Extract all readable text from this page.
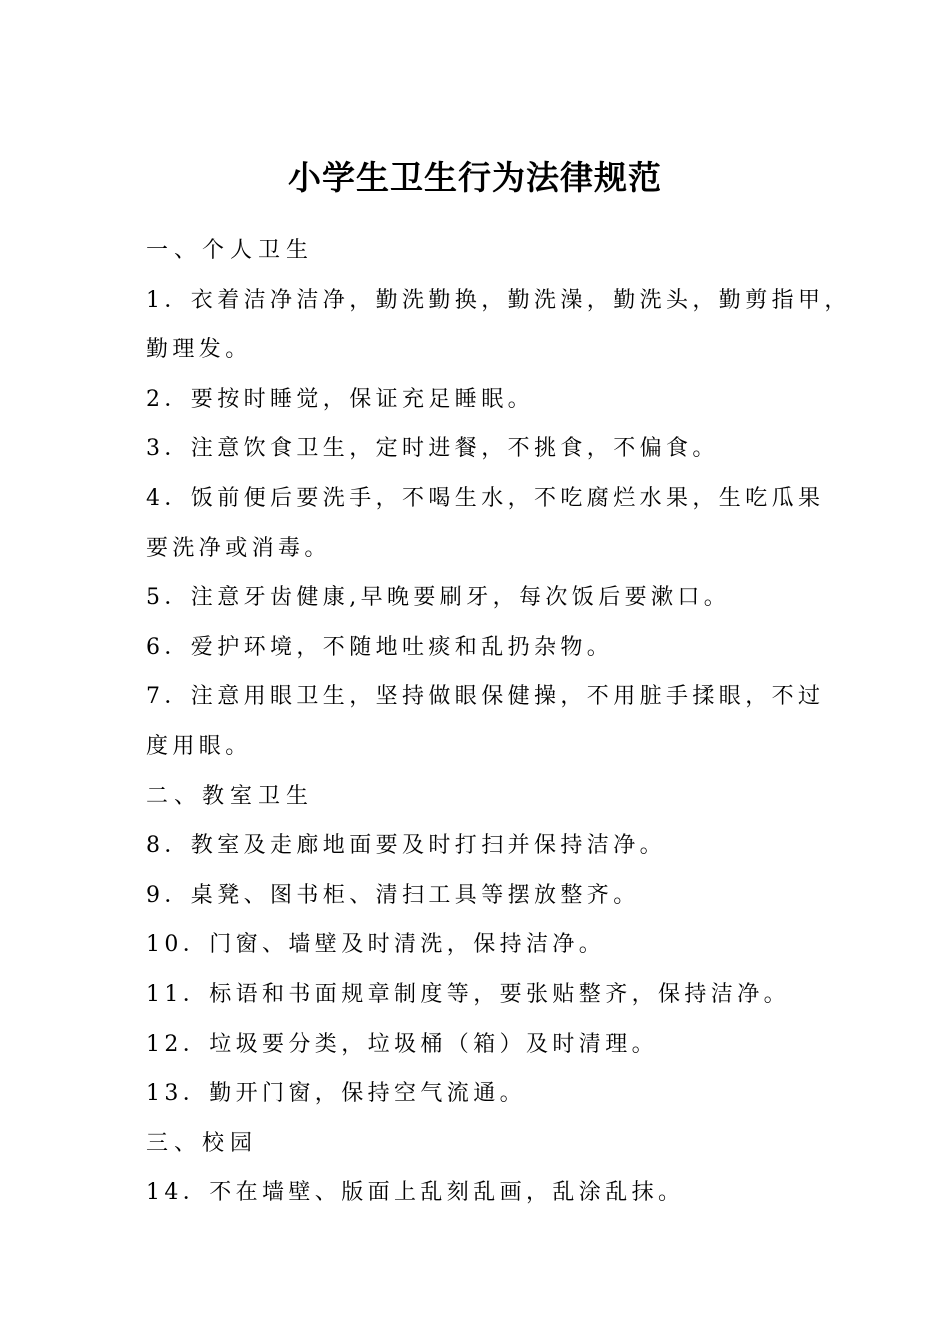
小学生卫生行为法律规范
一、个人卫生
1．衣着洁净洁净，勤洗勤换，勤洗澡，勤洗头，勤剪指甲，
勤理发。
2．要按时睡觉，保证充足睡眠。
3．注意饮食卫生，定时进餐，不挑食，不偏食。
4．饭前便后要洗手，不喝生水，不吃腐烂水果，生吃瓜果
要洗净或消毒。
5．注意牙齿健康,早晚要刷牙，每次饭后要漱口。
6．爱护环境，不随地吐痰和乱扔杂物。
7．注意用眼卫生，坚持做眼保健操，不用脏手揉眼，不过
度用眼。
二、教室卫生
8．教室及走廊地面要及时打扫并保持洁净。
9．桌凳、图书柜、清扫工具等摆放整齐。
10．门窗、墙壁及时清洗，保持洁净。
11．标语和书面规章制度等，要张贴整齐，保持洁净。
12．垃圾要分类，垃圾桶（箱）及时清理。
13．勤开门窗，保持空气流通。
三、校园
14．不在墙壁、版面上乱刻乱画，乱涂乱抹。
